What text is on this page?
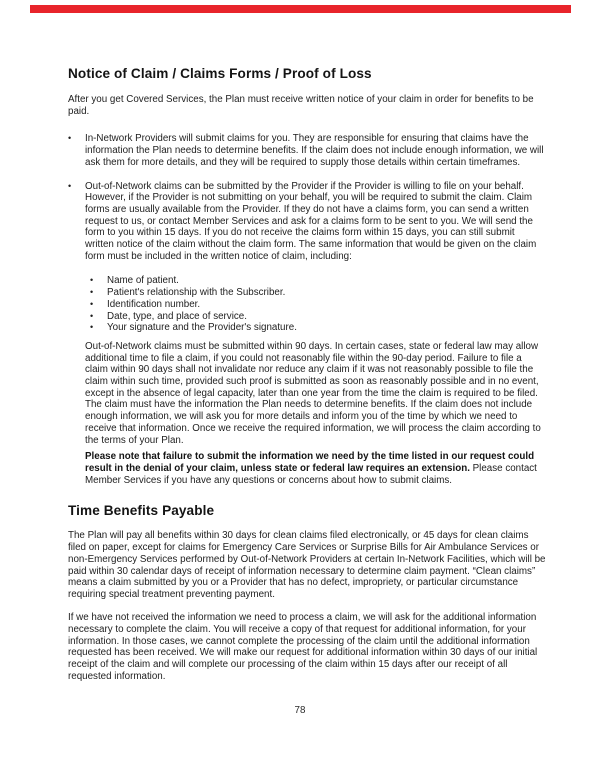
Notice of Claim / Claims Forms / Proof of Loss

After you get Covered Services, the Plan must receive written notice of your claim in order for benefits to be paid.

•	In-Network Providers will submit claims for you. They are responsible for ensuring that claims have the information the Plan needs to determine benefits. If the claim does not include enough information, we will ask them for more details, and they will be required to supply those details within certain timeframes.
•	Out-of-Network claims can be submitted by the Provider if the Provider is willing to file on your behalf. However, if the Provider is not submitting on your behalf, you will be required to submit the claim. Claim forms are usually available from the Provider. If they do not have a claims form, you can send a written request to us, or contact Member Services and ask for a claims form to be sent to you. We will send the form to you within 15 days. If you do not receive the claims form within 15 days, you can still submit written notice of the claim without the claim form. The same information that would be given on the claim form must be included in the written notice of claim, including:
•	Name of patient.
•	Patient's relationship with the Subscriber.
•	Identification number.
•	Date, type, and place of service.
•	Your signature and the Provider's signature.

Out-of-Network claims must be submitted within 90 days. In certain cases, state or federal law may allow additional time to file a claim, if you could not reasonably file within the 90-day period. Failure to file a claim within 90 days shall not invalidate nor reduce any claim if it was not reasonably possible to file the claim within such time, provided such proof is submitted as soon as reasonably possible and in no event, except in the absence of legal capacity, later than one year from the time the claim is required to be filed. The claim must have the information the Plan needs to determine benefits. If the claim does not include enough information, we will ask you for more details and inform you of the time by which we need to receive that information. Once we receive the required information, we will process the claim according to the terms of your Plan.

Please note that failure to submit the information we need by the time listed in our request could result in the denial of your claim, unless state or federal law requires an extension. Please contact Member Services if you have any questions or concerns about how to submit claims.

Time Benefits Payable

The Plan will pay all benefits within 30 days for clean claims filed electronically, or 45 days for clean claims filed on paper, except for claims for Emergency Care Services or Surprise Bills for Air Ambulance Services or non-Emergency Services performed by Out-of-Network Providers at certain In-Network Facilities, which will be paid within 30 calendar days of receipt of information necessary to determine claim payment. “Clean claims” means a claim submitted by you or a Provider that has no defect, impropriety, or particular circumstance requiring special treatment preventing payment.

If we have not received the information we need to process a claim, we will ask for the additional information necessary to complete the claim. You will receive a copy of that request for additional information, for your information. In those cases, we cannot complete the processing of the claim until the additional information requested has been received. We will make our request for additional information within 30 days of our initial receipt of the claim and will complete our processing of the claim within 15 days after our receipt of all requested information.

78
